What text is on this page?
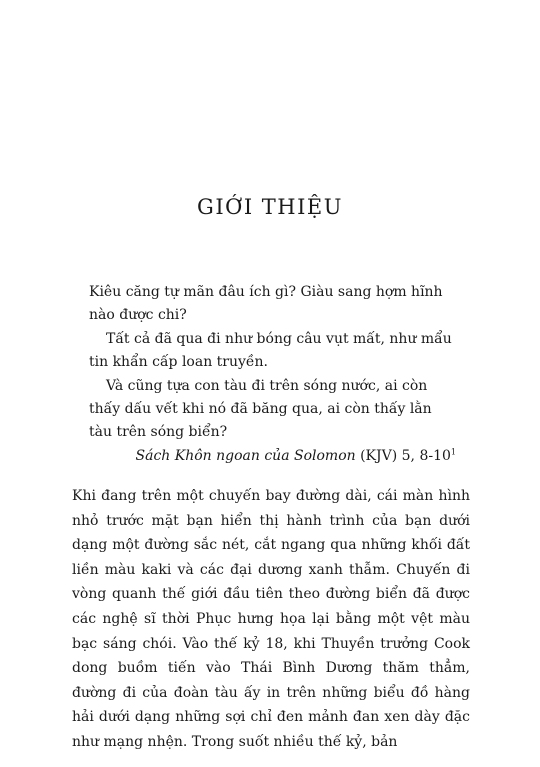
GIỚI THIỆU

Kiêu căng tự mãn đâu ích gì? Giàu sang hợm hĩnh nào được chi?

Tất cả đã qua đi như bóng câu vụt mất, như mẩu tin khẩn cấp loan truyền.

Và cũng tựa con tàu đi trên sóng nước, ai còn thấy dấu vết khi nó đã băng qua, ai còn thấy lằn tàu trên sóng biển?

Sách Khôn ngoan của Solomon (KJV) 5, $8-10^1$

Khi đang trên một chuyến bay đường dài, cái màn hình nhỏ trước mặt bạn hiển thị hành trình của bạn dưới dạng một đường sắc nét, cắt ngang qua những khối đất liền màu kaki và các đại dương xanh thẫm. Chuyến đi vòng quanh thế giới đầu tiên theo đường biển đã được các nghệ sĩ thời Phục hưng họa lại bằng một vệt màu bạc sáng chói. Vào thế kỷ 18, khi Thuyền trưởng Cook dong buồm tiến vào Thái Bình Dương thăm thẳm, đường đi của đoàn tàu ấy in trên những biểu đồ hàng hải dưới dạng những sợi chỉ đen mảnh đan xen dày đặc như mạng nhện. Trong suốt nhiều thế kỷ, bản
